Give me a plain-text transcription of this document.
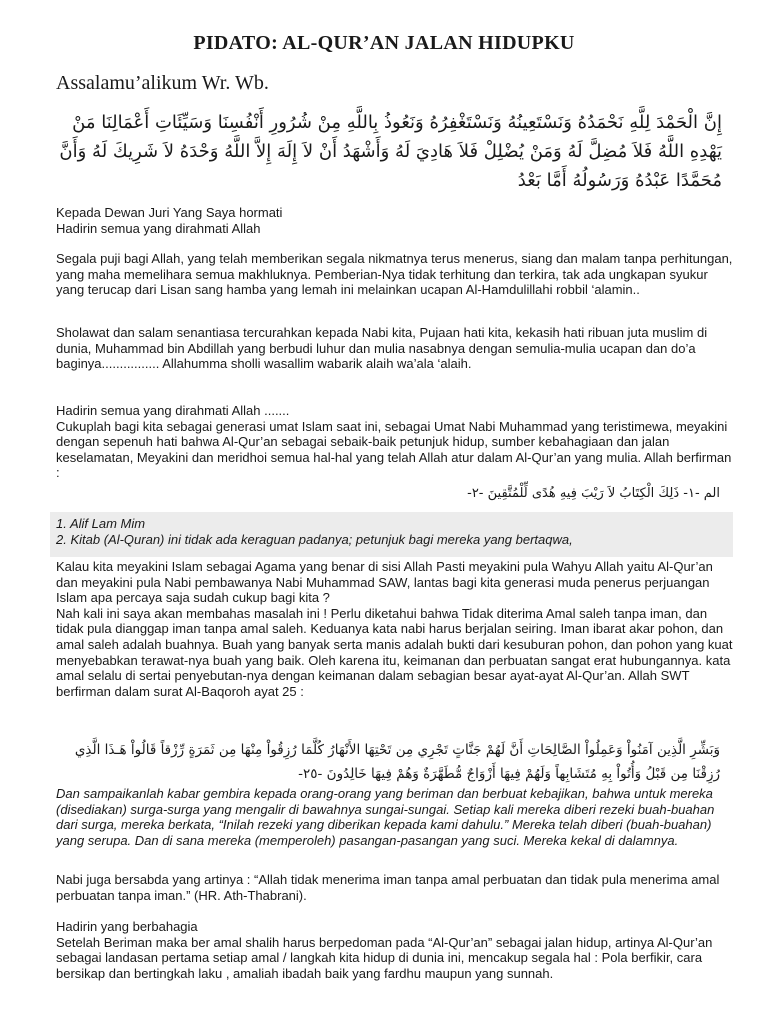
PIDATO: AL-QUR’AN JALAN HIDUPKU
Assalamu’alikum Wr. Wb.
إِنَّ الْحَمْدَ لِلَّهِ نَحْمَدُهُ وَنَسْتَعِينُهُ وَنَسْتَغْفِرُهُ وَنَعُوذُ بِاللَّهِ مِنْ شُرُورِ أَنْفُسِنَا وَسَيِّئَاتِ أَعْمَالِنَا مَنْ يَهْدِهِ اللَّهُ فَلاَ مُضِلَّ لَهُ وَمَنْ يُضْلِلْ فَلاَ هَادِيَ لَهُ وَأَشْهَدُ أَنْ لاَ إِلَهَ إِلاَّ اللَّهُ وَحْدَهُ لاَ شَرِيكَ لَهُ وَأَنَّ مُحَمَّدًا عَبْدُهُ وَرَسُولُهُ أَمَّا بَعْدُ
Kepada Dewan Juri Yang Saya hormati
Hadirin semua yang dirahmati Allah

Segala puji bagi Allah, yang telah memberikan segala nikmatnya terus menerus, siang dan malam tanpa perhitungan, yang maha memelihara semua makhluknya. Pemberian-Nya tidak terhitung dan terkira, tak ada ungkapan syukur yang terucap dari Lisan sang hamba yang lemah ini melainkan ucapan Al-Hamdulillahi robbil ‘alamin..

Sholawat dan salam senantiasa tercurahkan kepada Nabi kita, Pujaan hati kita, kekasih hati ribuan juta muslim di dunia, Muhammad bin Abdillah yang berbudi luhur dan mulia nasabnya dengan semulia-mulia ucapan dan do’a baginya................ Allahumma sholli wasallim wabarik alaih wa’ala ‘alaih.

Hadirin semua yang dirahmati Allah .......
Cukuplah bagi kita sebagai generasi umat Islam saat ini, sebagai Umat Nabi Muhammad yang teristimewa, meyakini dengan sepenuh hati bahwa Al-Qur’an sebagai sebaik-baik petunjuk hidup, sumber kebahagiaan dan jalan keselamatan, Meyakini dan meridhoi semua hal-hal yang telah Allah atur dalam Al-Qur’an yang mulia. Allah berfirman :

الم -١- ذَلِكَ الْكِتَابُ لاَ رَيْبَ فِيهِ هُدًى لِّلْمُتَّقِينَ -٢-

1. Alif Lam Mim
2. Kitab (Al-Quran) ini tidak ada keraguan padanya; petunjuk bagi mereka yang bertaqwa,

Kalau kita meyakini Islam sebagai Agama yang benar di sisi Allah Pasti meyakini pula Wahyu Allah yaitu Al-Qur’an dan meyakini pula Nabi pembawanya Nabi Muhammad SAW, lantas bagi kita generasi muda penerus perjuangan Islam apa percaya saja sudah cukup bagi kita ?
Nah kali ini saya akan membahas masalah ini ! Perlu diketahui bahwa Tidak diterima Amal saleh tanpa iman, dan tidak pula dianggap iman tanpa amal saleh. Keduanya kata nabi harus berjalan seiring. Iman ibarat akar pohon, dan amal saleh adalah buahnya. Buah yang banyak serta manis adalah bukti dari kesuburan pohon, dan pohon yang kuat menyebabkan terawat-nya buah yang baik. Oleh karena itu, keimanan dan perbuatan sangat erat hubungannya. kata amal selalu di sertai penyebutan-nya dengan keimanan dalam sebagian besar ayat-ayat Al-Qur’an. Allah SWT berfirman dalam surat Al-Baqoroh ayat 25 :

وَبَشِّرِ الَّذِين آمَنُواْ وَعَمِلُواْ الصَّالِحَاتِ أَنَّ لَهُمْ جَنَّاتٍ تَجْرِي مِن تَحْتِهَا الأَنْهَارُ كُلَّمَا رُزِقُواْ مِنْهَا مِن ثَمَرَةٍ رِّزْقاً قَالُواْ هَـذَا الَّذِي رُزِقْنَا مِن قَبْلُ وَأُتُواْ بِهِ مُتَشَابِهاً وَلَهُمْ فِيهَا أَزْوَاجٌ مُّطَهَّرَةٌ وَهُمْ فِيهَا خَالِدُونَ -٢٥-

Dan sampaikanlah kabar gembira kepada orang-orang yang beriman dan berbuat kebajikan, bahwa untuk mereka (disediakan) surga-surga yang mengalir di bawahnya sungai-sungai. Setiap kali mereka diberi rezeki buah-buahan dari surga, mereka berkata, “Inilah rezeki yang diberikan kepada kami dahulu.” Mereka telah diberi (buah-buahan) yang serupa. Dan di sana mereka (memperoleh) pasangan-pasangan yang suci. Mereka kekal di dalamnya.

Nabi juga bersabda yang artinya : “Allah tidak menerima iman tanpa amal perbuatan dan tidak pula menerima amal perbuatan tanpa iman.” (HR. Ath-Thabrani).

Hadirin yang berbahagia
Setelah Beriman maka ber amal shalih harus berpedoman pada “Al-Qur’an” sebagai jalan hidup, artinya Al-Qur’an sebagai landasan pertama setiap amal / langkah kita hidup di dunia ini, mencakup segala hal : Pola berfikir, cara bersikap dan bertingkah laku , amaliah ibadah baik yang fardhu maupun yang sunnah.
